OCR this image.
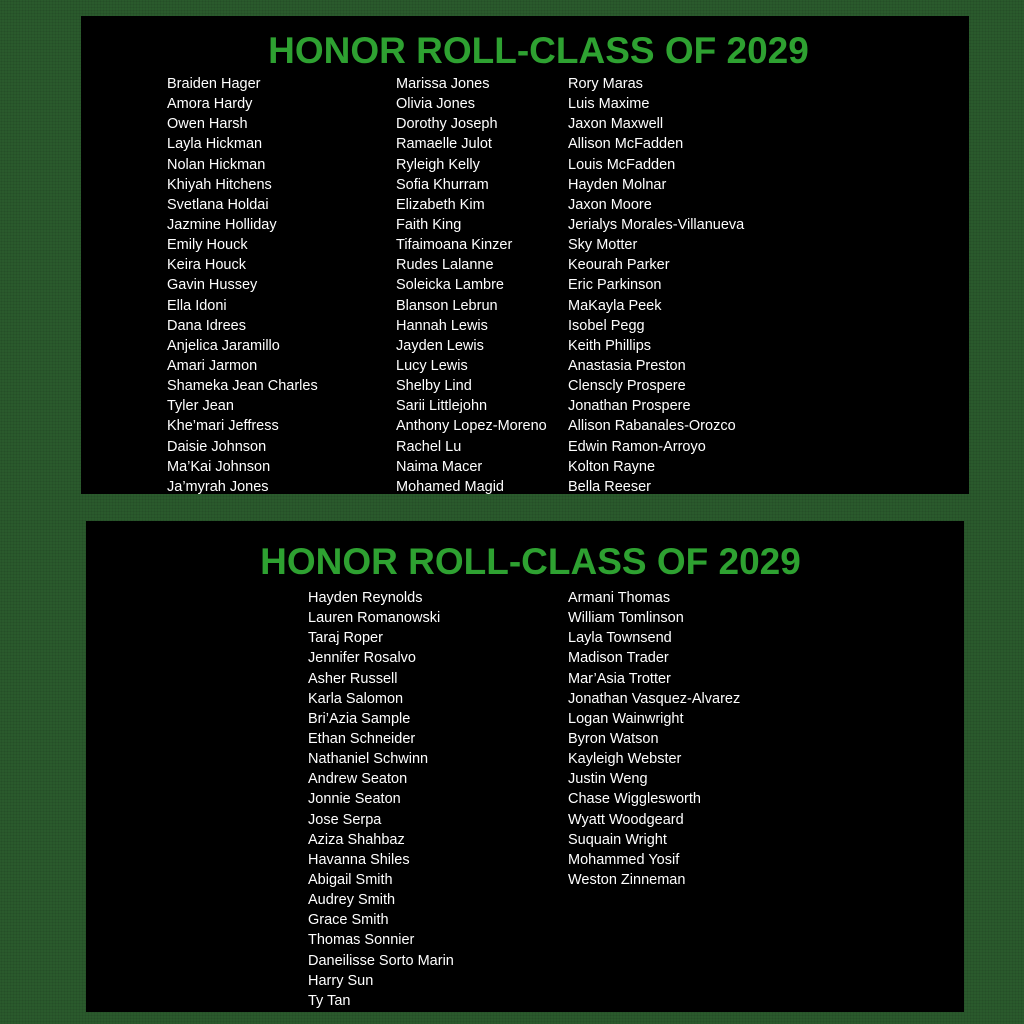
HONOR ROLL-CLASS OF 2029
Braiden Hager
Amora Hardy
Owen Harsh
Layla Hickman
Nolan Hickman
Khiyah Hitchens
Svetlana Holdai
Jazmine Holliday
Emily Houck
Keira Houck
Gavin Hussey
Ella Idoni
Dana Idrees
Anjelica Jaramillo
Amari Jarmon
Shameka Jean Charles
Tyler Jean
Khe’mari Jeffress
Daisie Johnson
Ma’Kai Johnson
Ja’myrah Jones
Marissa Jones
Olivia Jones
Dorothy Joseph
Ramaelle Julot
Ryleigh Kelly
Sofia Khurram
Elizabeth Kim
Faith King
Tifaimoana Kinzer
Rudes Lalanne
Soleicka Lambre
Blanson Lebrun
Hannah Lewis
Jayden Lewis
Lucy Lewis
Shelby Lind
Sarii Littlejohn
Anthony Lopez-Moreno
Rachel Lu
Naima Macer
Mohamed Magid
Rory Maras
Luis Maxime
Jaxon Maxwell
Allison McFadden
Louis McFadden
Hayden Molnar
Jaxon Moore
Jerialys Morales-Villanueva
Sky Motter
Keourah Parker
Eric Parkinson
MaKayla Peek
Isobel Pegg
Keith Phillips
Anastasia Preston
Clenscly Prospere
Jonathan Prospere
Allison Rabanales-Orozco
Edwin Ramon-Arroyo
Kolton Rayne
Bella Reeser
HONOR ROLL-CLASS OF 2029
Hayden Reynolds
Lauren Romanowski
Taraj Roper
Jennifer Rosalvo
Asher Russell
Karla Salomon
Bri’Azia Sample
Ethan Schneider
Nathaniel Schwinn
Andrew Seaton
Jonnie Seaton
Jose Serpa
Aziza Shahbaz
Havanna Shiles
Abigail Smith
Audrey Smith
Grace Smith
Thomas Sonnier
Daneilisse Sorto Marin
Harry Sun
Ty Tan
Armani Thomas
William Tomlinson
Layla Townsend
Madison Trader
Mar’Asia Trotter
Jonathan Vasquez-Alvarez
Logan Wainwright
Byron Watson
Kayleigh Webster
Justin Weng
Chase Wigglesworth
Wyatt Woodgeard
Suquain Wright
Mohammed Yosif
Weston Zinneman
